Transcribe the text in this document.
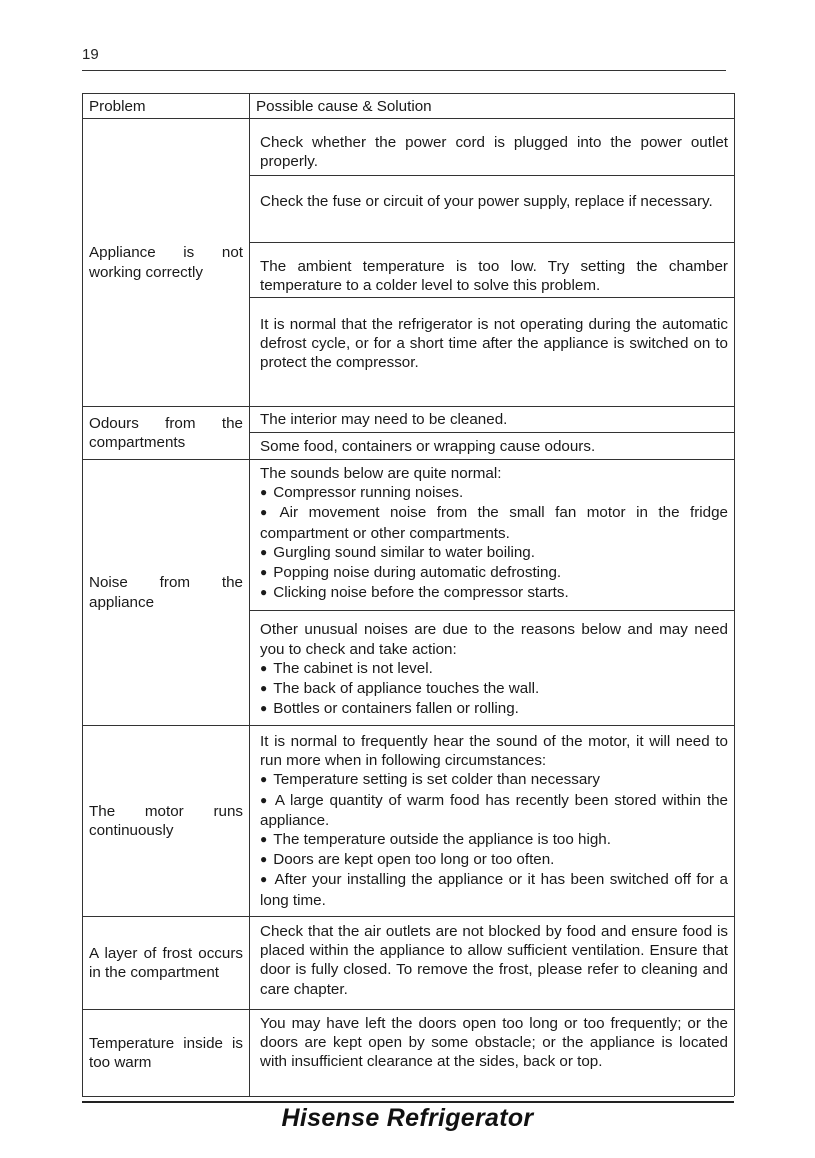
19
Problem	Possible cause & Solution
Appliance is not working correctly

Check whether the power cord is plugged into the power outlet properly.

Check the fuse or circuit of your power supply, replace if necessary.

The ambient temperature is too low. Try setting the chamber temperature to a colder level to solve this problem.

It is normal that the refrigerator is not operating during the automatic defrost cycle, or for a short time after the appliance is switched on to protect the compressor.

Odours from the compartments

The interior may need to be cleaned.

Some food, containers or wrapping cause odours.

Noise from the appliance

The sounds below are quite normal:

● Compressor running noises.

● Air movement noise from the small fan motor in the fridge compartment or other compartments.

● Gurgling sound similar to water boiling.

● Popping noise during automatic defrosting.

● Clicking noise before the compressor starts.

Other unusual noises are due to the reasons below and may need you to check and take action:

● The cabinet is not level.

● The back of appliance touches the wall.

● Bottles or containers fallen or rolling.

The motor runs continuously

It is normal to frequently hear the sound of the motor, it will need to run more when in following circumstances:

● Temperature setting is set colder than necessary

● A large quantity of warm food has recently been stored within the appliance.

● The temperature outside the appliance is too high.

● Doors are kept open too long or too often.

● After your installing the appliance or it has been switched off for a long time.

A layer of frost occurs in the compartment

Check that the air outlets are not blocked by food and ensure food is placed within the appliance to allow sufficient ventilation. Ensure that door is fully closed. To remove the frost, please refer to cleaning and care chapter.

Temperature inside is too warm

You may have left the doors open too long or too frequently; or the doors are kept open by some obstacle; or the appliance is located with insufficient clearance at the sides, back or top.

Hisense Refrigerator
